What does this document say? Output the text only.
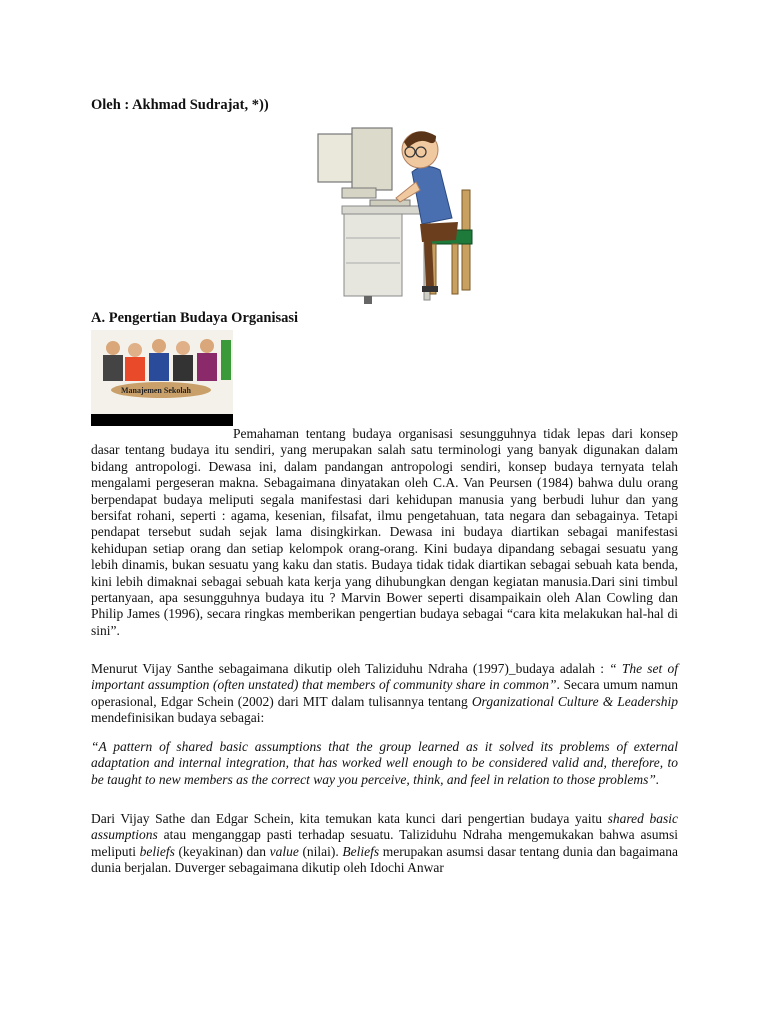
Oleh : Akhmad Sudrajat, *))
A. Pengertian Budaya Organisasi
Manajemen Sekolah
Pemahaman tentang budaya organisasi sesungguhnya tidak lepas dari konsep dasar tentang budaya itu sendiri, yang merupakan salah satu terminologi yang banyak digunakan dalam bidang antropologi. Dewasa ini, dalam pandangan antropologi sendiri, konsep budaya ternyata telah mengalami pergeseran makna. Sebagaimana dinyatakan oleh C.A. Van Peursen (1984) bahwa dulu orang berpendapat budaya meliputi segala manifestasi dari kehidupan manusia yang berbudi luhur dan yang bersifat rohani, seperti : agama, kesenian, filsafat, ilmu pengetahuan, tata negara dan sebagainya. Tetapi pendapat tersebut sudah sejak lama disingkirkan. Dewasa ini budaya diartikan sebagai manifestasi kehidupan setiap orang dan setiap kelompok orang-orang. Kini budaya dipandang sebagai sesuatu yang lebih dinamis, bukan sesuatu yang kaku dan statis. Budaya tidak tidak diartikan sebagai sebuah kata benda, kini lebih dimaknai sebagai sebuah kata kerja yang dihubungkan dengan kegiatan manusia.Dari sini timbul pertanyaan, apa sesungguhnya budaya itu ? Marvin Bower seperti disampaikain oleh Alan Cowling dan Philip James (1996), secara ringkas memberikan pengertian budaya sebagai “cara kita melakukan hal-hal di sini”.
Menurut Vijay Santhe sebagaimana dikutip oleh Taliziduhu Ndraha (1997)_budaya adalah : “ The set of important assumption (often unstated) that members of community share in common”. Secara umum namun operasional, Edgar Schein (2002) dari MIT dalam tulisannya tentang Organizational Culture & Leadership mendefinisikan budaya sebagai:
“A pattern of shared basic assumptions that the group learned as it solved its problems of external adaptation and internal integration, that has worked well enough to be considered valid and, therefore, to be taught to new members as the correct way you perceive, think, and feel in relation to those problems”.
Dari Vijay Sathe dan Edgar Schein, kita temukan kata kunci dari pengertian budaya yaitu shared basic assumptions atau menganggap pasti terhadap sesuatu. Taliziduhu Ndraha mengemukakan bahwa asumsi meliputi beliefs (keyakinan) dan value (nilai). Beliefs merupakan asumsi dasar tentang dunia dan bagaimana dunia berjalan. Duverger sebagaimana dikutip oleh Idochi Anwar
